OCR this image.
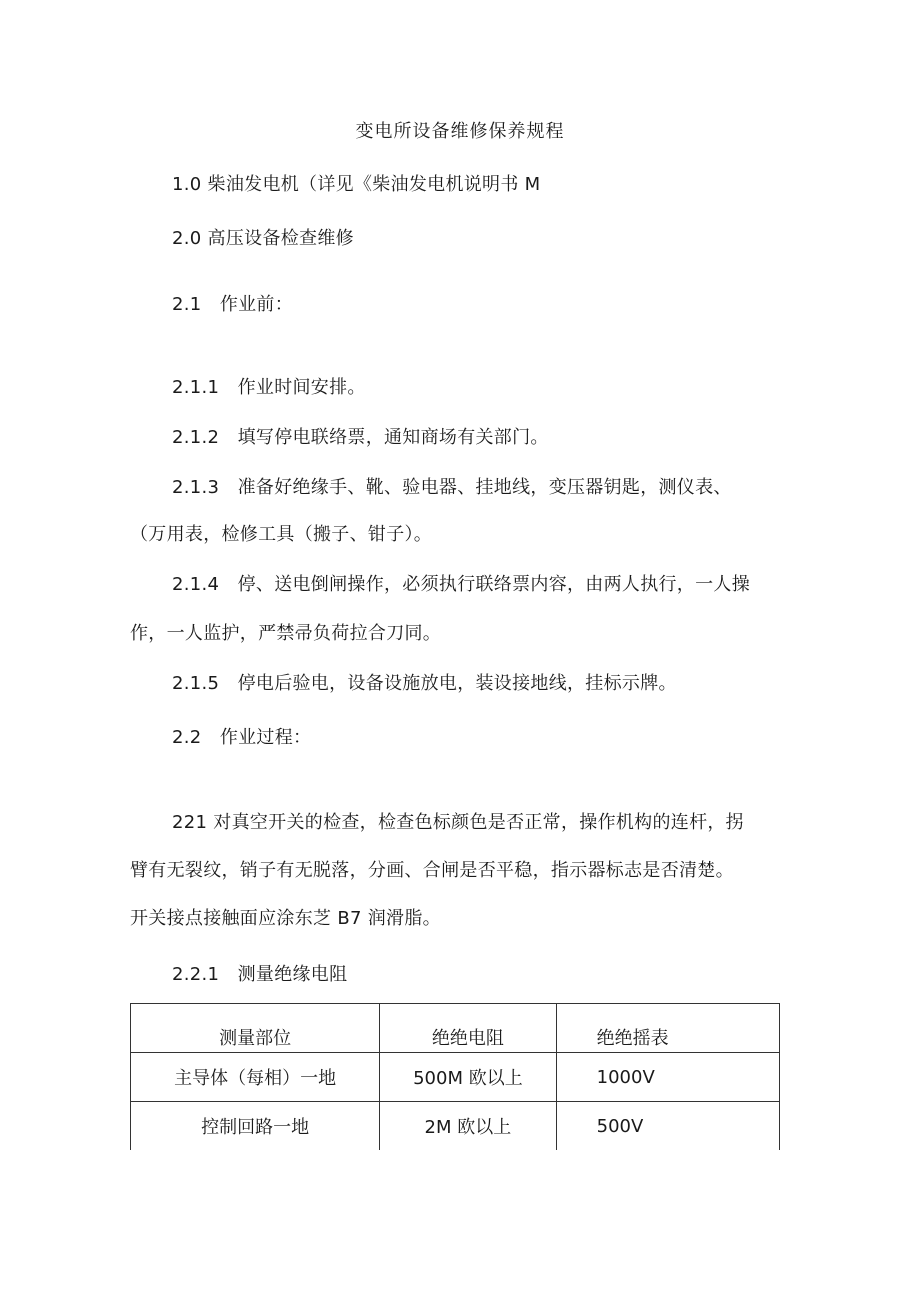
变电所设备维修保养规程
1.0 柴油发电机（详见《柴油发电机说明书 M
2.0 高压设备检查维修
2.1　作业前：
2.1.1　作业时间安排。
2.1.2　填写停电联络票，通知商场有关部门。
2.1.3　准备好绝缘手、靴、验电器、挂地线，变压器钥匙，测仪表、
（万用表，检修工具（搬子、钳子）。
2.1.4　停、送电倒闸操作，必须执行联络票内容，由两人执行，一人操
作，一人监护，严禁帚负荷拉合刀同。
2.1.5　停电后验电，设备设施放电，装设接地线，挂标示牌。
2.2　作业过程：
221 对真空开关的检查，检查色标颜色是否正常，操作机构的连杆，拐
臂有无裂纹，销子有无脱落，分画、合闸是否平稳，指示器标志是否清楚。
开关接点接触面应涂东芝 B7 润滑脂。
2.2.1　测量绝缘电阻
测量部位	绝绝电阻	绝绝摇表
主导体（每相）一地	500M 欧以上	1000V
控制回路一地	2M 欧以上	500V
